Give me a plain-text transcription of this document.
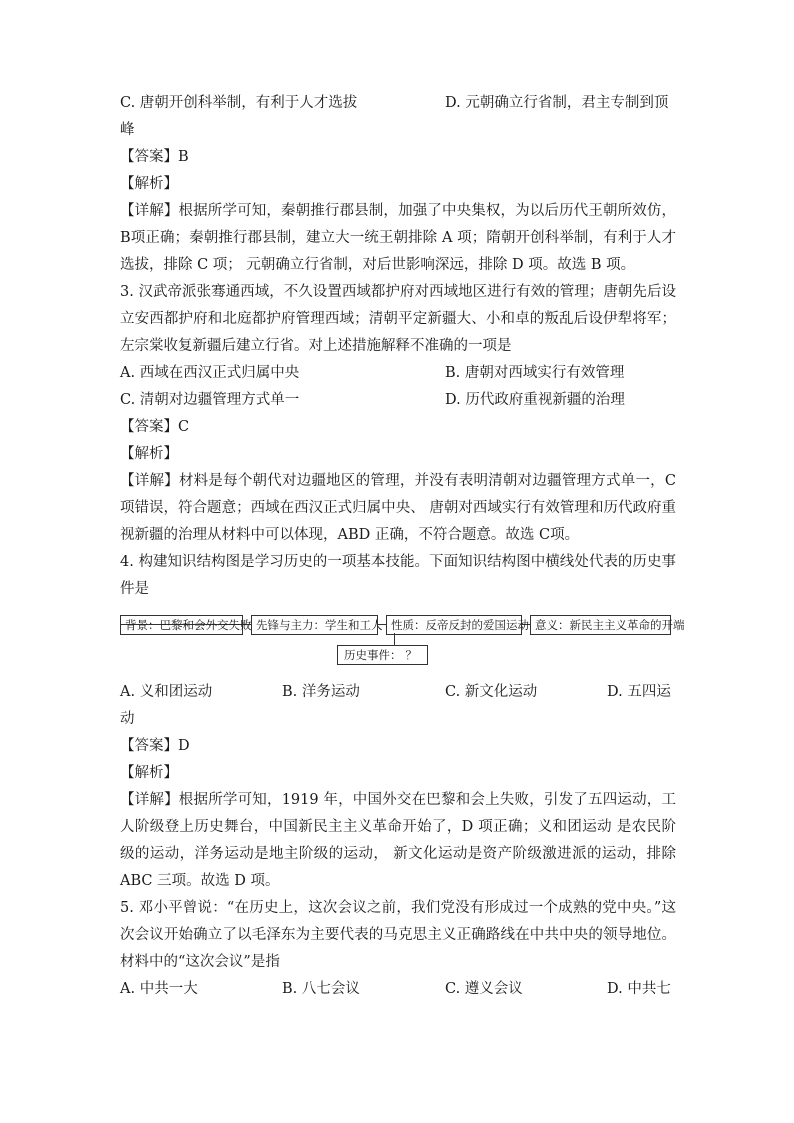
C. 唐朝开创科举制，有利于人才选拔	D. 元朝确立行省制，君主专制到顶
峰
【答案】B
【解析】
【详解】根据所学可知，秦朝推行郡县制，加强了中央集权，为以后历代王朝所效仿，B项正确；秦朝推行郡县制，建立大一统王朝排除 A 项；隋朝开创科举制，有利于人才选拔，排除 C 项； 元朝确立行省制，对后世影响深远，排除 D 项。故选 B 项。
3. 汉武帝派张骞通西域，不久设置西域都护府对西域地区进行有效的管理；唐朝先后设立安西都护府和北庭都护府管理西域；清朝平定新疆大、小和卓的叛乱后设伊犁将军；左宗棠收复新疆后建立行省。对上述措施解释不准确的一项是
A. 西域在西汉正式归属中央	B. 唐朝对西域实行有效管理
C. 清朝对边疆管理方式单一	D. 历代政府重视新疆的治理
【答案】C
【解析】
【详解】材料是每个朝代对边疆地区的管理，并没有表明清朝对边疆管理方式单一，C 项错误，符合题意；西域在西汉正式归属中央、 唐朝对西域实行有效管理和历代政府重视新疆的治理从材料中可以体现，ABD 正确，不符合题意。故选 C项。
4. 构建知识结构图是学习历史的一项基本技能。下面知识结构图中横线处代表的历史事件是
背景：巴黎和会外交失败 先锋与主力：学生和工人 性质：反帝反封的爱国运动 意义：新民主主义革命的开端
历史事件： ？
A. 义和团运动	B. 洋务运动	C. 新文化运动	D. 五四运
动
【答案】D
【解析】
【详解】根据所学可知，1919 年，中国外交在巴黎和会上失败，引发了五四运动，工人阶级登上历史舞台，中国新民主主义革命开始了，D 项正确；义和团运动 是农民阶级的运动，洋务运动是地主阶级的运动， 新文化运动是资产阶级激进派的运动，排除 ABC 三项。故选 D 项。
5. 邓小平曾说：“在历史上，这次会议之前，我们党没有形成过一个成熟的党中央。”这次会议开始确立了以毛泽东为主要代表的马克思主义正确路线在中共中央的领导地位。材料中的“这次会议”是指
A. 中共一大	B. 八七会议	C. 遵义会议	D. 中共七
